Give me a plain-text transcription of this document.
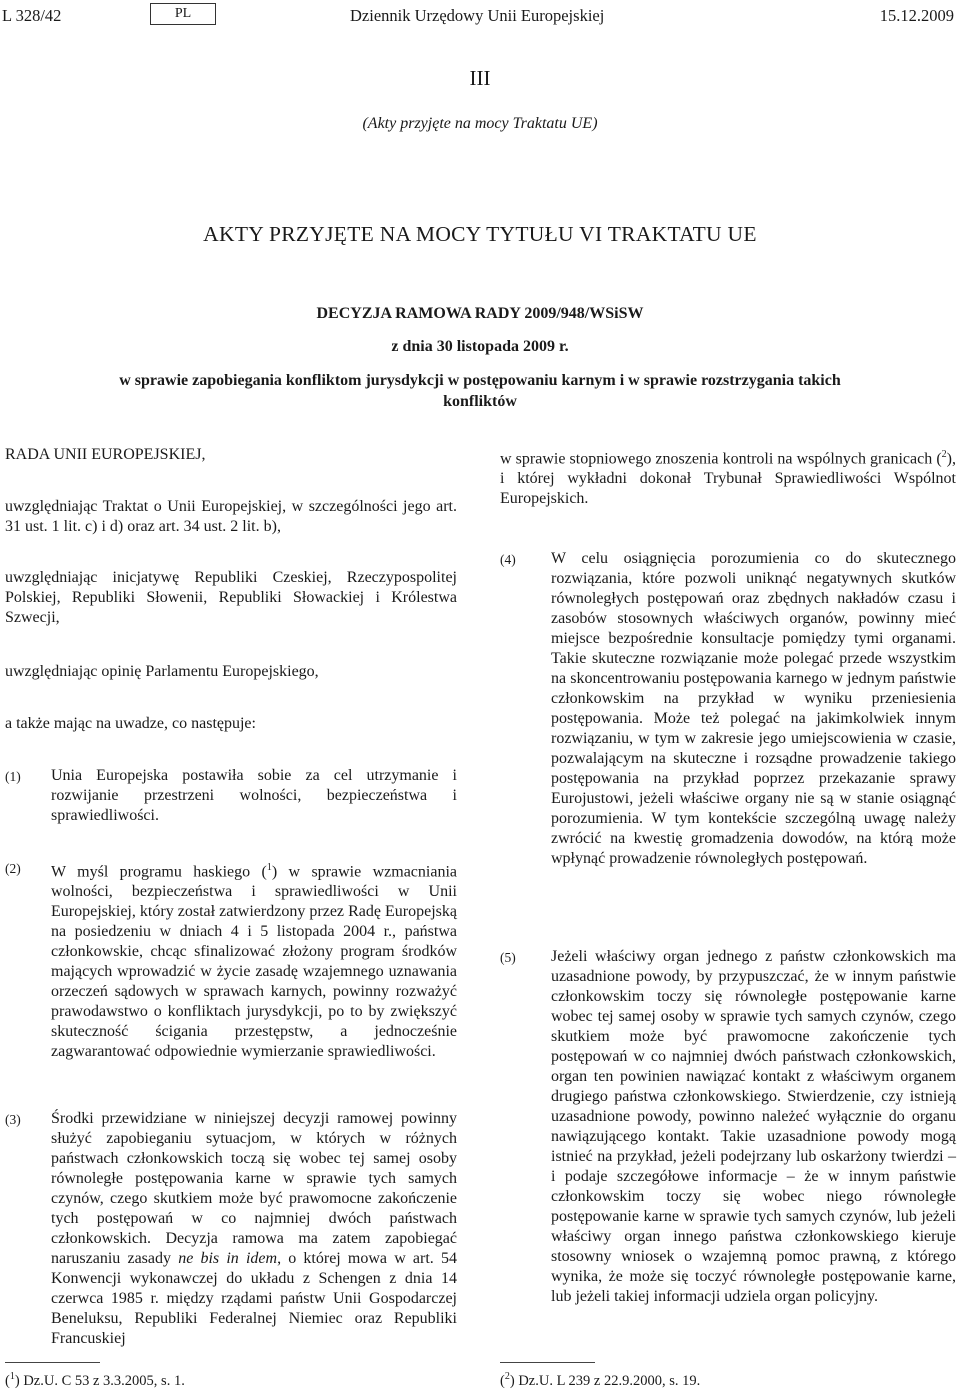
L 328/42	PL	Dziennik Urzędowy Unii Europejskiej	15.12.2009
III
(Akty przyjęte na mocy Traktatu UE)
AKTY PRZYJĘTE NA MOCY TYTUŁU VI TRAKTATU UE
DECYZJA RAMOWA RADY 2009/948/WSiSW
z dnia 30 listopada 2009 r.
w sprawie zapobiegania konfliktom jurysdykcji w postępowaniu karnym i w sprawie rozstrzygania takich konfliktów

RADA UNII EUROPEJSKIEJ,

uwzględniając Traktat o Unii Europejskiej, w szczególności jego art. 31 ust. 1 lit. c) i d) oraz art. 34 ust. 2 lit. b),

uwzględniając inicjatywę Republiki Czeskiej, Rzeczypospolitej Polskiej, Republiki Słowenii, Republiki Słowackiej i Królestwa Szwecji,

uwzględniając opinię Parlamentu Europejskiego,

a także mając na uwadze, co następuje:

(1) Unia Europejska postawiła sobie za cel utrzymanie i rozwijanie przestrzeni wolności, bezpieczeństwa i sprawiedliwości.

(2) W myśl programu haskiego ($^1$) w sprawie wzmacniania wolności, bezpieczeństwa i sprawiedliwości w Unii Europejskiej, który został zatwierdzony przez Radę Europejską na posiedzeniu w dniach 4 i 5 listopada 2004 r., państwa członkowskie, chcąc sfinalizować złożony program środków mających wprowadzić w życie zasadę wzajemnego uznawania orzeczeń sądowych w sprawach karnych, powinny rozważyć prawodawstwo o konfliktach jurysdykcji, po to by zwiększyć skuteczność ścigania przestępstw, a jednocześnie zagwarantować odpowiednie wymierzanie sprawiedliwości.

(3) Środki przewidziane w niniejszej decyzji ramowej powinny służyć zapobieganiu sytuacjom, w których w różnych państwach członkowskich toczą się wobec tej samej osoby równoległe postępowania karne w sprawie tych samych czynów, czego skutkiem może być prawomocne zakończenie tych postępowań w co najmniej dwóch państwach członkowskich. Decyzja ramowa ma zatem zapobiegać naruszaniu zasady ne bis in idem, o której mowa w art. 54 Konwencji wykonawczej do układu z Schengen z dnia 14 czerwca 1985 r. między rządami państw Unii Gospodarczej Beneluksu, Republiki Federalnej Niemiec oraz Republiki Francuskiej

w sprawie stopniowego znoszenia kontroli na wspólnych granicach ($^2$), i której wykładni dokonał Trybunał Sprawiedliwości Wspólnot Europejskich.

(4) W celu osiągnięcia porozumienia co do skutecznego rozwiązania, które pozwoli uniknąć negatywnych skutków równoległych postępowań oraz zbędnych nakładów czasu i zasobów stosownych właściwych organów, powinny mieć miejsce bezpośrednie konsultacje pomiędzy tymi organami. Takie skuteczne rozwiązanie może polegać przede wszystkim na skoncentrowaniu postępowania karnego w jednym państwie członkowskim na przykład w wyniku przeniesienia postępowania. Może też polegać na jakimkolwiek innym rozwiązaniu, w tym w zakresie jego umiejscowienia w czasie, pozwalającym na skuteczne i rozsądne prowadzenie takiego postępowania na przykład poprzez przekazanie sprawy Eurojustowi, jeżeli właściwe organy nie są w stanie osiągnąć porozumienia. W tym kontekście szczególną uwagę należy zwrócić na kwestię gromadzenia dowodów, na którą może wpłynąć prowadzenie równoległych postępowań.

(5) Jeżeli właściwy organ jednego z państw członkowskich ma uzasadnione powody, by przypuszczać, że w innym państwie członkowskim toczy się równoległe postępowanie karne wobec tej samej osoby w sprawie tych samych czynów, czego skutkiem może być prawomocne zakończenie tych postępowań w co najmniej dwóch państwach członkowskich, organ ten powinien nawiązać kontakt z właściwym organem drugiego państwa członkowskiego. Stwierdzenie, czy istnieją uzasadnione powody, powinno należeć wyłącznie do organu nawiązującego kontakt. Takie uzasadnione powody mogą istnieć na przykład, jeżeli podejrzany lub oskarżony twierdzi – i podaje szczegółowe informacje – że w innym państwie członkowskim toczy się wobec niego równoległe postępowanie karne w sprawie tych samych czynów, lub jeżeli właściwy organ innego państwa członkowskiego kieruje stosowny wniosek o wzajemną pomoc prawną, z którego wynika, że może się toczyć równoległe postępowanie karne, lub jeżeli takiej informacji udziela organ policyjny.

($^1$) Dz.U. C 53 z 3.3.2005, s. 1.	($^2$) Dz.U. L 239 z 22.9.2000, s. 19.
